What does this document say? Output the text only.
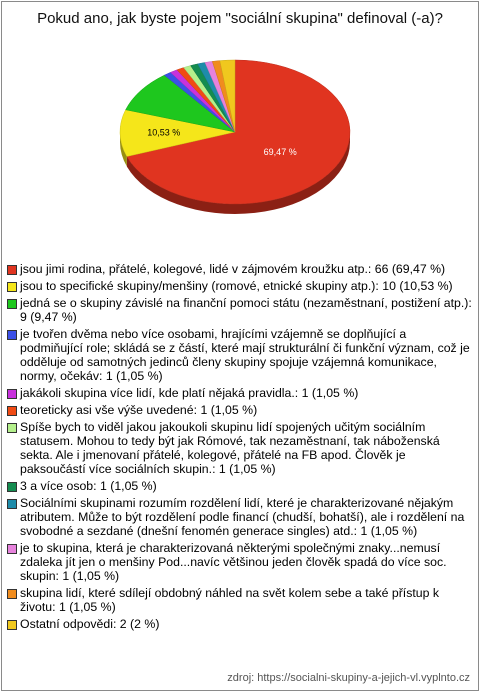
Pokud ano, jak byste pojem "sociální skupina" definoval (-a)?
69,47 %
10,53 %
jsou jimi rodina, přátelé, kolegové, lidé v zájmovém kroužku atp.: 66 (69,47 %)
jsou to specifické skupiny/menšiny (romové, etnické skupiny atp.): 10 (10,53 %)
jedná se o skupiny závislé na finanční pomoci státu (nezaměstnaní, postižení atp.): 9 (9,47 %)
je tvořen dvěma nebo více osobami, hrajícími vzájemně se doplňující a podmiňující role; skládá se z částí, které mají strukturální či funkční význam, což je odděluje od samotných jedinců členy skupiny spojuje vzájemná komunikace, normy, očekáv: 1 (1,05 %)
jakákoli skupina více lidí, kde platí nějaká pravidla.: 1 (1,05 %)
teoreticky asi vše výše uvedené: 1 (1,05 %)
Spíše bych to viděl jakou jakoukoli skupinu lidí spojených učitým sociálním statusem. Mohou to tedy být jak Rómové, tak nezaměstnaní, tak náboženská sekta. Ale i jmenovaní přátelé, kolegové, přátelé na FB apod. Člověk je paksoučástí více sociálních skupin.: 1 (1,05 %)
3 a více osob: 1 (1,05 %)
Sociálními skupinami rozumím rozdělení lidí, které je charakterizované nějakým atributem. Může to být rozdělení podle financí (chudší, bohatší), ale i rozdělení na svobodné a sezdané (dnešní fenomén generace singles) atd.: 1 (1,05 %)
je to skupina, která je charakterizovaná některými společnými znaky...nemusí zdaleka jít jen o menšiny Pod...navíc většinou jeden člověk spadá do více soc. skupin: 1 (1,05 %)
skupina lidí, které sdílejí obdobný náhled na svět kolem sebe a také přístup k životu: 1 (1,05 %)
Ostatní odpovědi: 2 (2 %)
zdroj: https://socialni-skupiny-a-jejich-vl.vyplnto.cz
